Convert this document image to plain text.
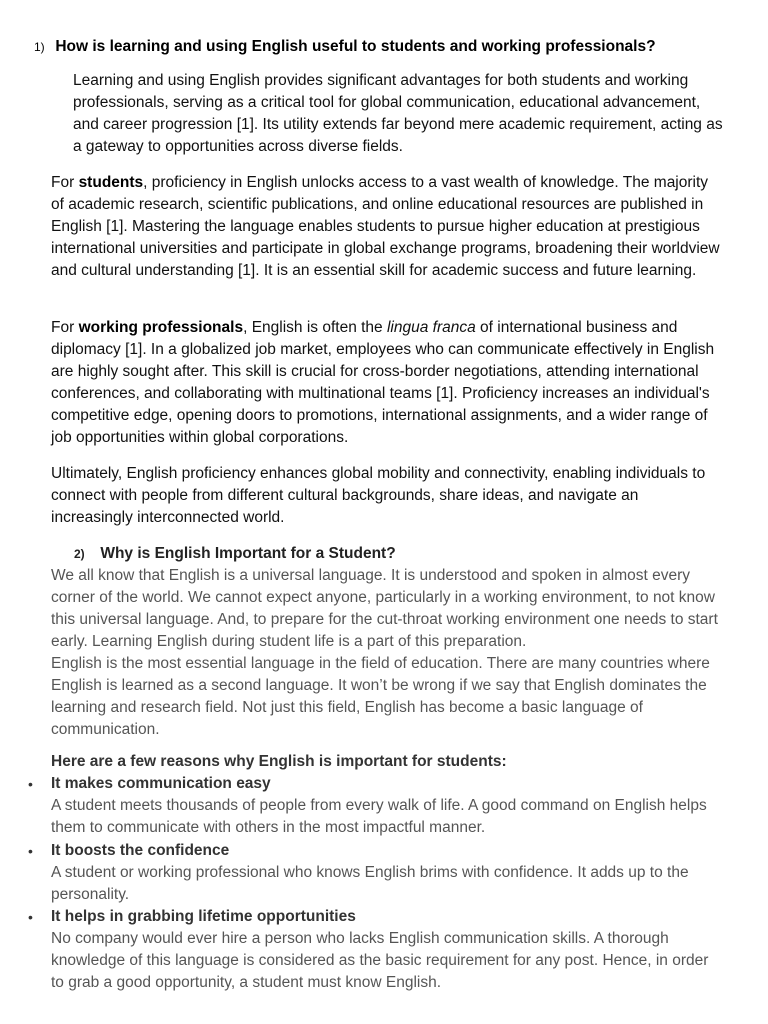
1) How is learning and using English useful to students and working professionals?

Learning and using English provides significant advantages for both students and working professionals, serving as a critical tool for global communication, educational advancement, and career progression [1]. Its utility extends far beyond mere academic requirement, acting as a gateway to opportunities across diverse fields.

For students, proficiency in English unlocks access to a vast wealth of knowledge. The majority of academic research, scientific publications, and online educational resources are published in English [1]. Mastering the language enables students to pursue higher education at prestigious international universities and participate in global exchange programs, broadening their worldview and cultural understanding [1]. It is an essential skill for academic success and future learning.

For working professionals, English is often the lingua franca of international business and diplomacy [1]. In a globalized job market, employees who can communicate effectively in English are highly sought after. This skill is crucial for cross-border negotiations, attending international conferences, and collaborating with multinational teams [1]. Proficiency increases an individual's competitive edge, opening doors to promotions, international assignments, and a wider range of job opportunities within global corporations.

Ultimately, English proficiency enhances global mobility and connectivity, enabling individuals to connect with people from different cultural backgrounds, share ideas, and navigate an increasingly interconnected world.

2) Why is English Important for a Student?

We all know that English is a universal language. It is understood and spoken in almost every corner of the world. We cannot expect anyone, particularly in a working environment, to not know this universal language. And, to prepare for the cut-throat working environment one needs to start early. Learning English during student life is a part of this preparation.

English is the most essential language in the field of education. There are many countries where English is learned as a second language. It won’t be wrong if we say that English dominates the learning and research field. Not just this field, English has become a basic language of communication.

Here are a few reasons why English is important for students:
• It makes communication easy
A student meets thousands of people from every walk of life. A good command on English helps them to communicate with others in the most impactful manner.
• It boosts the confidence
A student or working professional who knows English brims with confidence. It adds up to the personality.
• It helps in grabbing lifetime opportunities
No company would ever hire a person who lacks English communication skills. A thorough knowledge of this language is considered as the basic requirement for any post. Hence, in order to grab a good opportunity, a student must know English.
